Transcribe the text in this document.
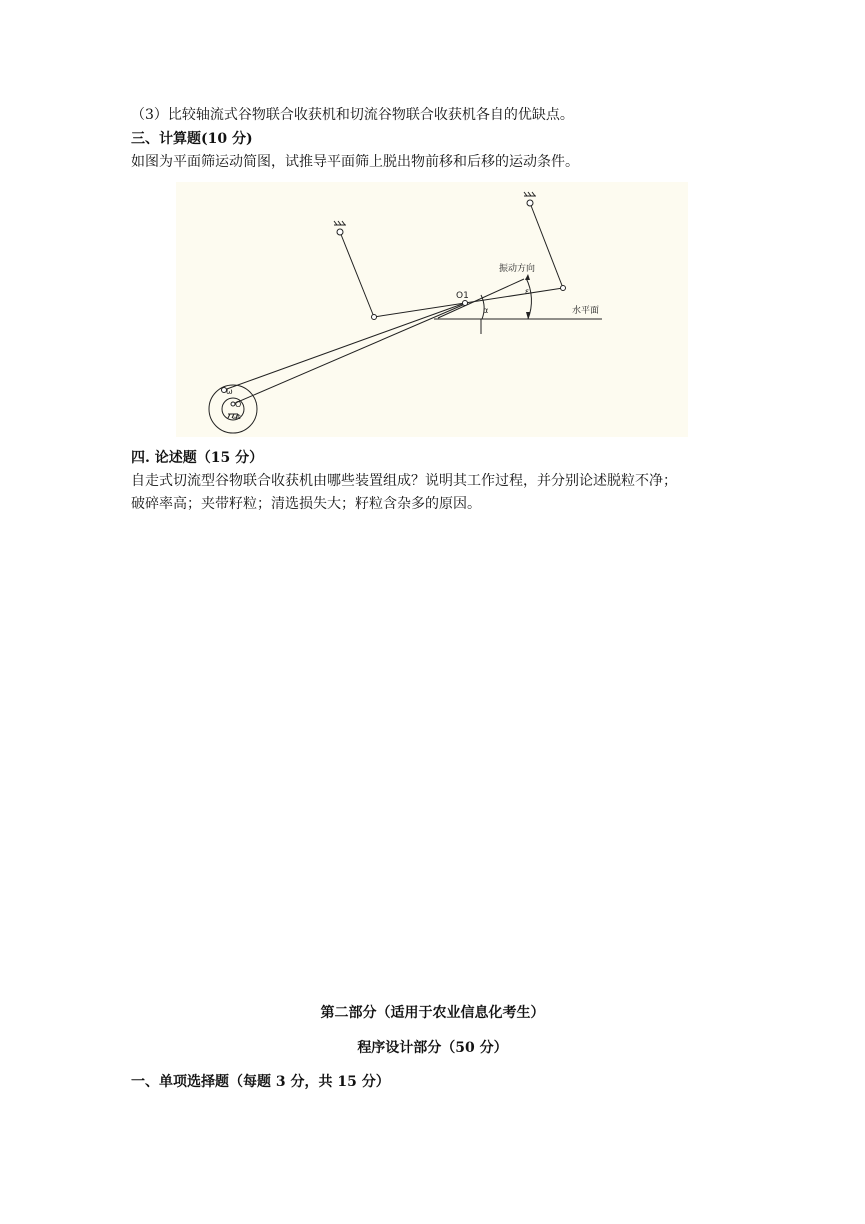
（3）比较轴流式谷物联合收获机和切流谷物联合收获机各自的优缺点。
三、计算题(10 分)
如图为平面筛运动简图，试推导平面筛上脱出物前移和后移的运动条件。
振动方向
水平面
O1
α
ε
ω
O
ωt
四. 论述题（15 分）
自走式切流型谷物联合收获机由哪些装置组成？说明其工作过程，并分别论述脱粒不净；
破碎率高；夹带籽粒；清选损失大；籽粒含杂多的原因。
第二部分（适用于农业信息化考生）
程序设计部分（50 分）
一、单项选择题（每题 3 分，共 15 分）
